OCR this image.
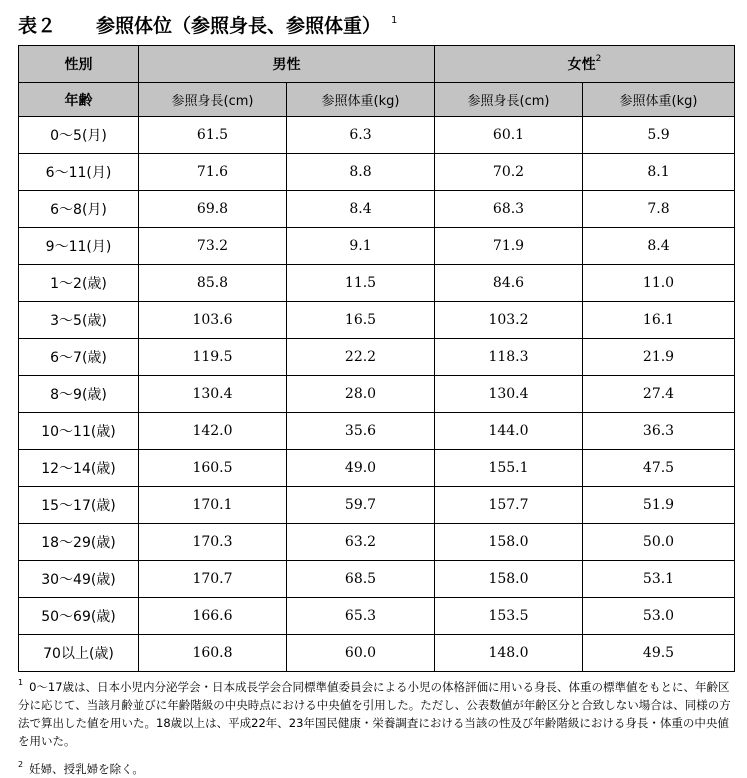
表２ 参照体位（参照身長、参照体重） $^1$
性別	男性		女性$^2$
年齢	参照身長(cm)	参照体重(kg)	参照身長(cm)	参照体重(kg)
0～5(月)	61.5	6.3	60.1	5.9
6～11(月)	71.6	8.8	70.2	8.1
6～8(月)	69.8	8.4	68.3	7.8
9～11(月)	73.2	9.1	71.9	8.4
1～2(歳)	85.8	11.5	84.6	11.0
3～5(歳)	103.6	16.5	103.2	16.1
6～7(歳)	119.5	22.2	118.3	21.9
8～9(歳)	130.4	28.0	130.4	27.4
10～11(歳)	142.0	35.6	144.0	36.3
12～14(歳)	160.5	49.0	155.1	47.5
15～17(歳)	170.1	59.7	157.7	51.9
18～29(歳)	170.3	63.2	158.0	50.0
30～49(歳)	170.7	68.5	158.0	53.1
50～69(歳)	166.6	65.3	153.5	53.0
70以上(歳)	160.8	60.0	148.0	49.5

$^1$ 0～17歳は、日本小児内分泌学会・日本成長学会合同標準値委員会による小児の体格評価に用いる身長、体重の標準値をもとに、年齢区分に応じて、当該月齢並びに年齢階級の中央時点における中央値を引用した。ただし、公表数値が年齢区分と合致しない場合は、同様の方法で算出した値を用いた。18歳以上は、平成22年、23年国民健康・栄養調査における当該の性及び年齢階級における身長・体重の中央値を用いた。

$^2$ 妊婦、授乳婦を除く。
